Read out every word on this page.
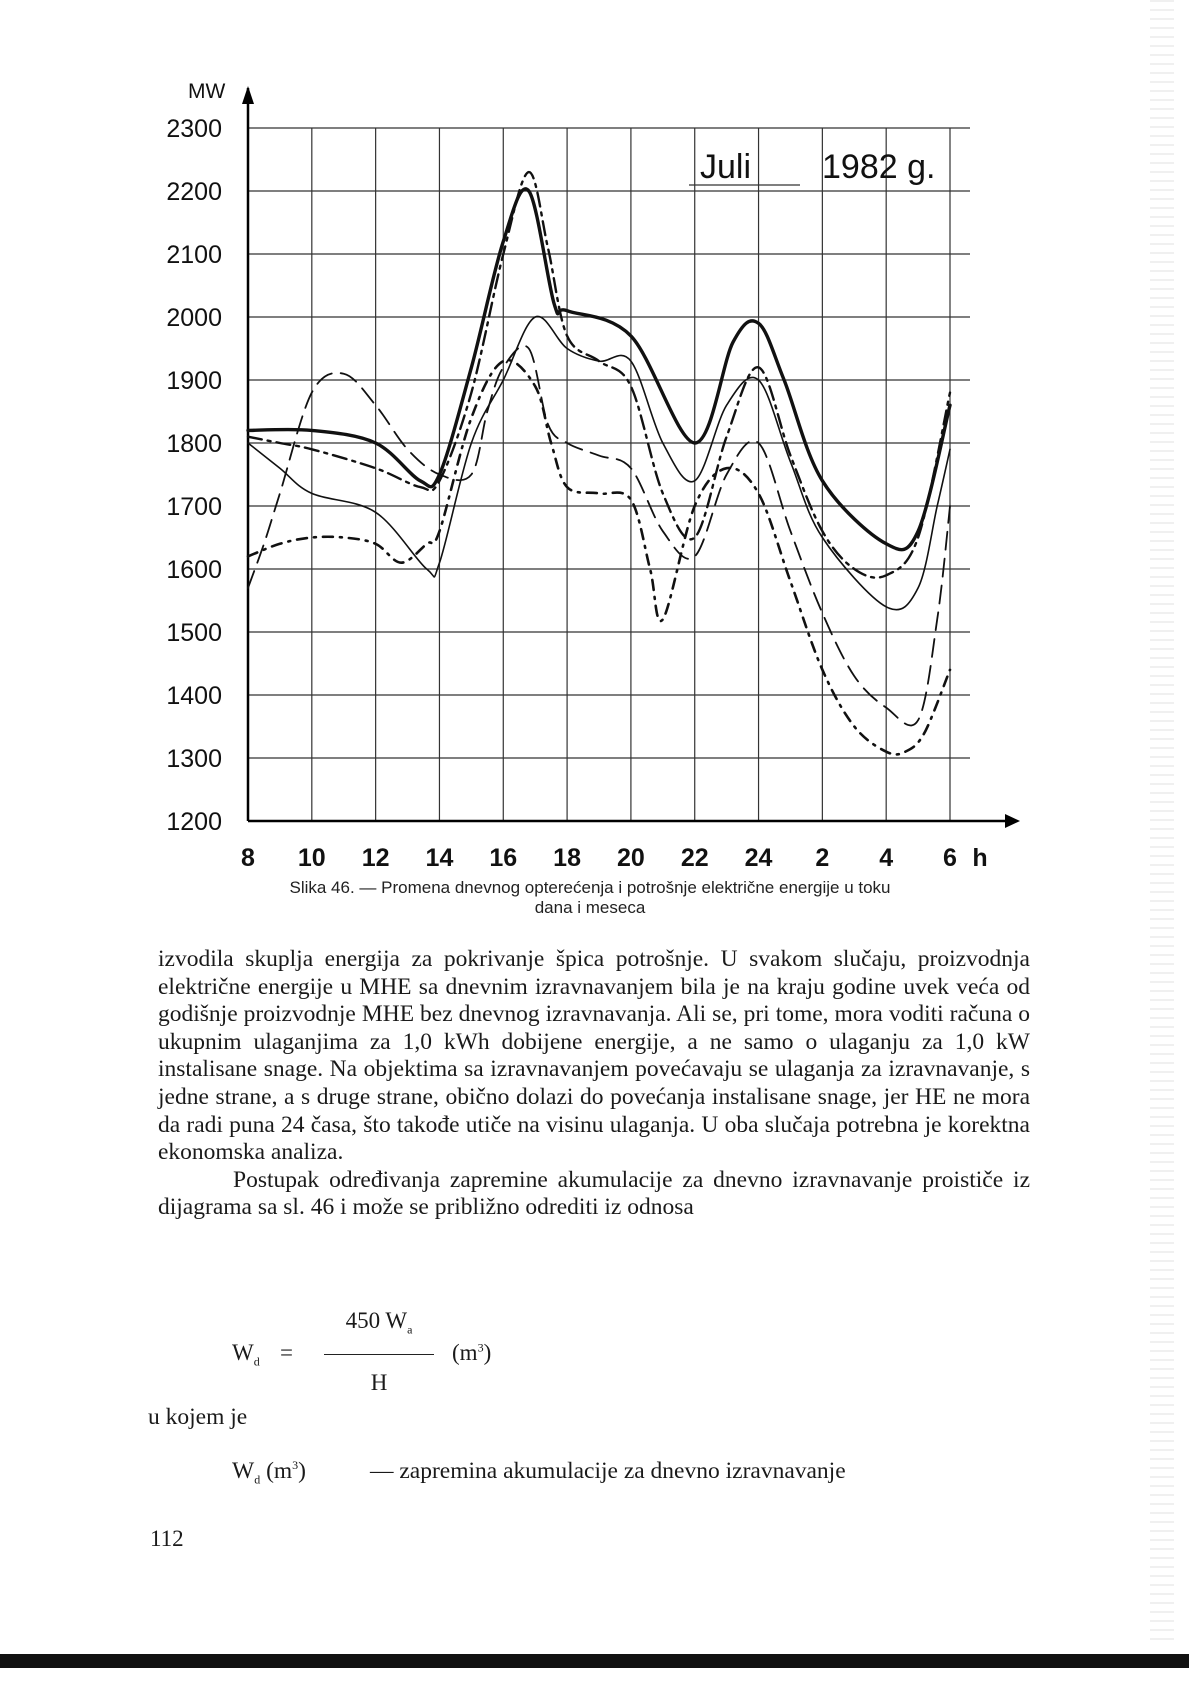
1200
1300
1400
1500
1600
1700
1800
1900
2000
2100
2200
2300
8 10 12 14 16 18 20 22 24 2 4 6 h
MW
Juli 1982 g.
Slika 46. — Promena dnevnog opterećenja i potrošnje električne energije u toku
dana i meseca

izvodila skuplja energija za pokrivanje špica potrošnje. U svakom slučaju, proizvodnja električne energije u MHE sa dnevnim izravnavanjem bila je na kraju godine uvek veća od godišnje proizvodnje MHE bez dnevnog izravnavanja. Ali se, pri tome, mora voditi računa o ukupnim ulaganjima za 1,0 kWh dobijene energije, a ne samo o ulaganju za 1,0 kW instalisane snage. Na objektima sa izravnavanjem povećavaju se ulaganja za izravnavanje, s jedne strane, a s druge strane, obično dolazi do povećanja instalisane snage, jer HE ne mora da radi puna 24 časa, što takođe utiče na visinu ulaganja. U oba slučaja potrebna je korektna ekonomska analiza.

Postupak određivanja zapremine akumulacije za dnevno izravnavanje proističe iz dijagrama sa sl. 46 i može se približno odrediti iz odnosa

$W_d$ =
450 $W_a$
H
$(m^3)$
u kojem je
$W_d$ $(m^3)$	— zapremina akumulacije za dnevno izravnavanje
112
